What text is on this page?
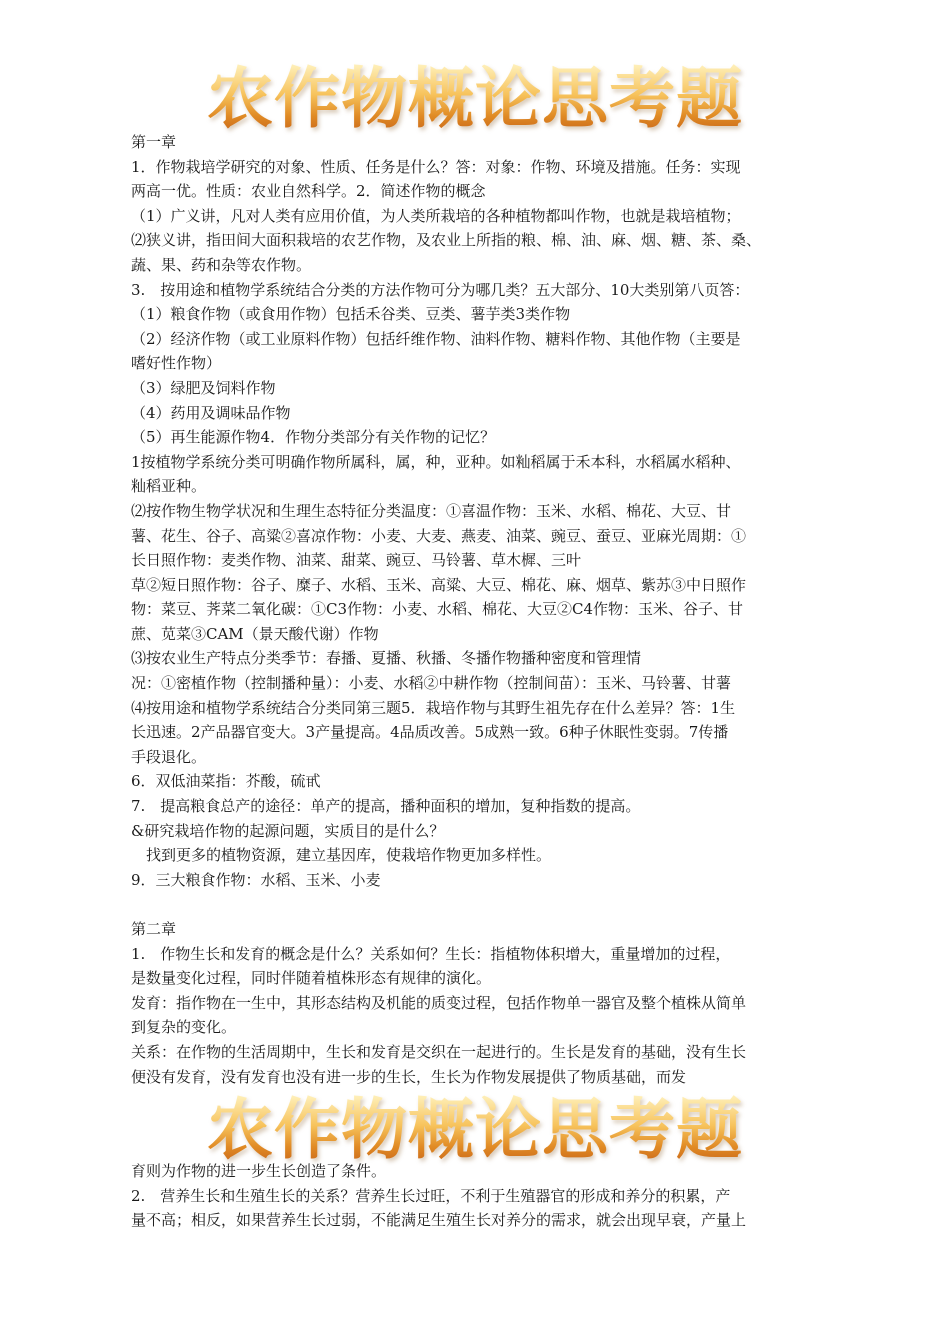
农作物概论思考题
第一章
1．作物栽培学研究的对象、性质、任务是什么？答：对象：作物、环境及措施。任务：实现
两高一优。性质：农业自然科学。2．简述作物的概念
（1）广义讲，凡对人类有应用价值，为人类所栽培的各种植物都叫作物，也就是栽培植物；
⑵狭义讲，指田间大面积栽培的农艺作物，及农业上所指的粮、棉、油、麻、烟、糖、茶、桑、
蔬、果、药和杂等农作物。
3.　按用途和植物学系统结合分类的方法作物可分为哪几类？五大部分、10大类别第八页答：
（1）粮食作物（或食用作物）包括禾谷类、豆类、薯芋类3类作物
（2）经济作物（或工业原料作物）包括纤维作物、油料作物、糖料作物、其他作物（主要是
嗜好性作物）
（3）绿肥及饲料作物
（4）药用及调味品作物
（5）再生能源作物4．作物分类部分有关作物的记忆？
1按植物学系统分类可明确作物所属科，属，种，亚种。如籼稻属于禾本科，水稻属水稻种、
籼稻亚种。
⑵按作物生物学状况和生理生态特征分类温度：①喜温作物：玉米、水稻、棉花、大豆、甘
薯、花生、谷子、高粱②喜凉作物：小麦、大麦、燕麦、油菜、豌豆、蚕豆、亚麻光周期：①
长日照作物：麦类作物、油菜、甜菜、豌豆、马铃薯、草木樨、三叶
草②短日照作物：谷子、糜子、水稻、玉米、高粱、大豆、棉花、麻、烟草、紫苏③中日照作
物：菜豆、荠菜二氧化碳：①C3作物：小麦、水稻、棉花、大豆②C4作物：玉米、谷子、甘
蔗、苋菜③CAM（景天酸代谢）作物
⑶按农业生产特点分类季节：春播、夏播、秋播、冬播作物播种密度和管理情
况：①密植作物（控制播种量）：小麦、水稻②中耕作物（控制间苗）：玉米、马铃薯、甘薯
⑷按用途和植物学系统结合分类同第三题5．栽培作物与其野生祖先存在什么差异？答：1生
长迅速。2产品器官变大。3产量提高。4品质改善。5成熟一致。6种子休眠性变弱。7传播
手段退化。
6．双低油菜指：芥酸，硫甙
7.　提高粮食总产的途径：单产的提高，播种面积的增加，复种指数的提高。
&研究栽培作物的起源问题，实质目的是什么？
　找到更多的植物资源，建立基因库，使栽培作物更加多样性。
9．三大粮食作物：水稻、玉米、小麦
第二章
1.　作物生长和发育的概念是什么？关系如何？生长：指植物体积增大，重量增加的过程，
是数量变化过程，同时伴随着植株形态有规律的演化。
发育：指作物在一生中，其形态结构及机能的质变过程，包括作物单一器官及整个植株从简单
到复杂的变化。
关系：在作物的生活周期中，生长和发育是交织在一起进行的。生长是发育的基础，没有生长
便没有发育，没有发育也没有进一步的生长，生长为作物发展提供了物质基础，而发
农作物概论思考题
育则为作物的进一步生长创造了条件。
2.　营养生长和生殖生长的关系？营养生长过旺，不利于生殖器官的形成和养分的积累，产
量不高；相反，如果营养生长过弱，不能满足生殖生长对养分的需求，就会出现早衰，产量上
